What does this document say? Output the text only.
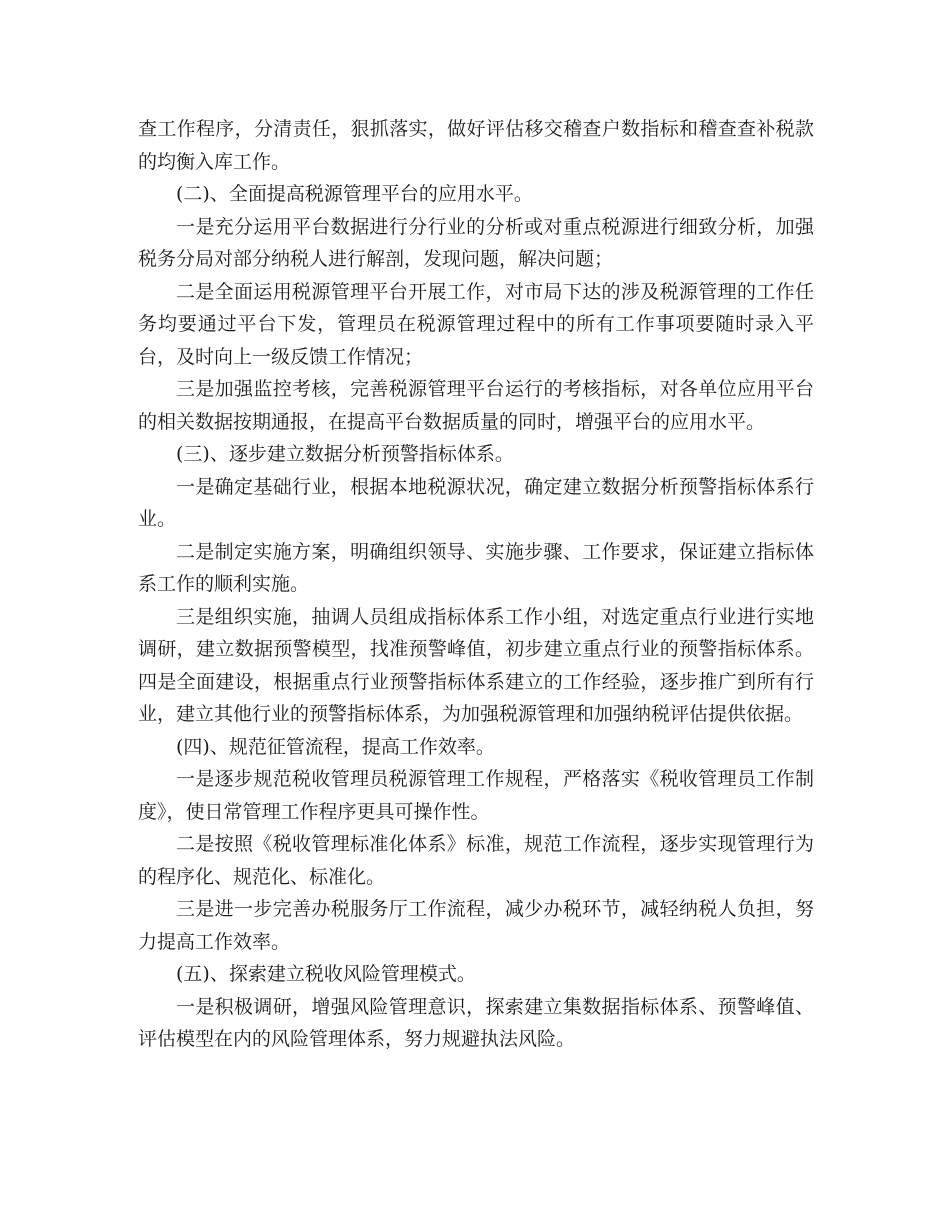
查工作程序，分清责任，狠抓落实，做好评估移交稽查户数指标和稽查查补税款的均衡入库工作。

(二)、全面提高税源管理平台的应用水平。

一是充分运用平台数据进行分行业的分析或对重点税源进行细致分析，加强税务分局对部分纳税人进行解剖，发现问题，解决问题；

二是全面运用税源管理平台开展工作，对市局下达的涉及税源管理的工作任务均要通过平台下发，管理员在税源管理过程中的所有工作事项要随时录入平台，及时向上一级反馈工作情况；

三是加强监控考核，完善税源管理平台运行的考核指标，对各单位应用平台的相关数据按期通报，在提高平台数据质量的同时，增强平台的应用水平。

(三)、逐步建立数据分析预警指标体系。

一是确定基础行业，根据本地税源状况，确定建立数据分析预警指标体系行业。

二是制定实施方案，明确组织领导、实施步骤、工作要求，保证建立指标体系工作的顺利实施。

三是组织实施，抽调人员组成指标体系工作小组，对选定重点行业进行实地调研，建立数据预警模型，找准预警峰值，初步建立重点行业的预警指标体系。四是全面建设，根据重点行业预警指标体系建立的工作经验，逐步推广到所有行业，建立其他行业的预警指标体系，为加强税源管理和加强纳税评估提供依据。

(四)、规范征管流程，提高工作效率。

一是逐步规范税收管理员税源管理工作规程，严格落实《税收管理员工作制度》，使日常管理工作程序更具可操作性。

二是按照《税收管理标准化体系》标准，规范工作流程，逐步实现管理行为的程序化、规范化、标准化。

三是进一步完善办税服务厅工作流程，减少办税环节，减轻纳税人负担，努力提高工作效率。

(五)、探索建立税收风险管理模式。

一是积极调研，增强风险管理意识，探索建立集数据指标体系、预警峰值、评估模型在内的风险管理体系，努力规避执法风险。
